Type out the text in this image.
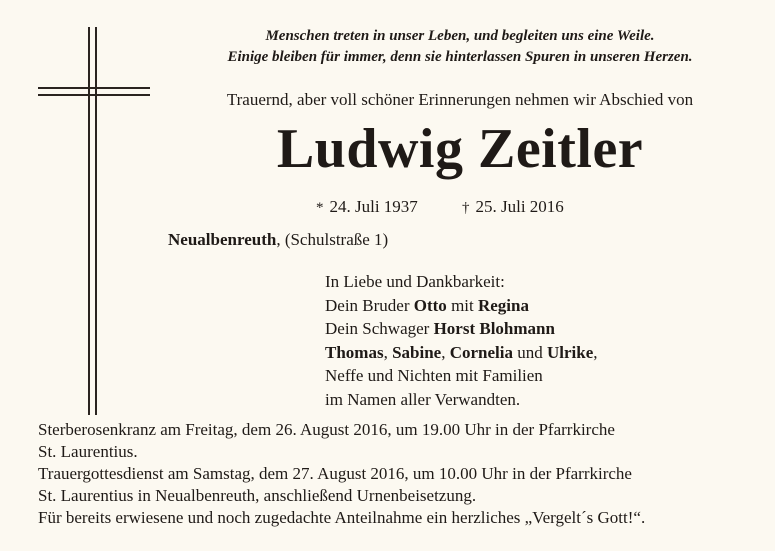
Menschen treten in unser Leben, und begleiten uns eine Weile.
Einige bleiben für immer, denn sie hinterlassen Spuren in unseren Herzen.
Trauernd, aber voll schöner Erinnerungen nehmen wir Abschied von
Ludwig Zeitler
* 24. Juli 1937	† 25. Juli 2016
Neualbenreuth, (Schulstraße 1)
In Liebe und Dankbarkeit:
Dein Bruder Otto mit Regina
Dein Schwager Horst Blohmann
Thomas, Sabine, Cornelia und Ulrike,
Neffe und Nichten mit Familien
im Namen aller Verwandten.
Sterberosenkranz am Freitag, dem 26. August 2016, um 19.00 Uhr in der Pfarrkirche
St. Laurentius.
Trauergottesdienst am Samstag, dem 27. August 2016, um 10.00 Uhr in der Pfarrkirche
St. Laurentius in Neualbenreuth, anschließend Urnenbeisetzung.
Für bereits erwiesene und noch zugedachte Anteilnahme ein herzliches „Vergelt´s Gott!“.
